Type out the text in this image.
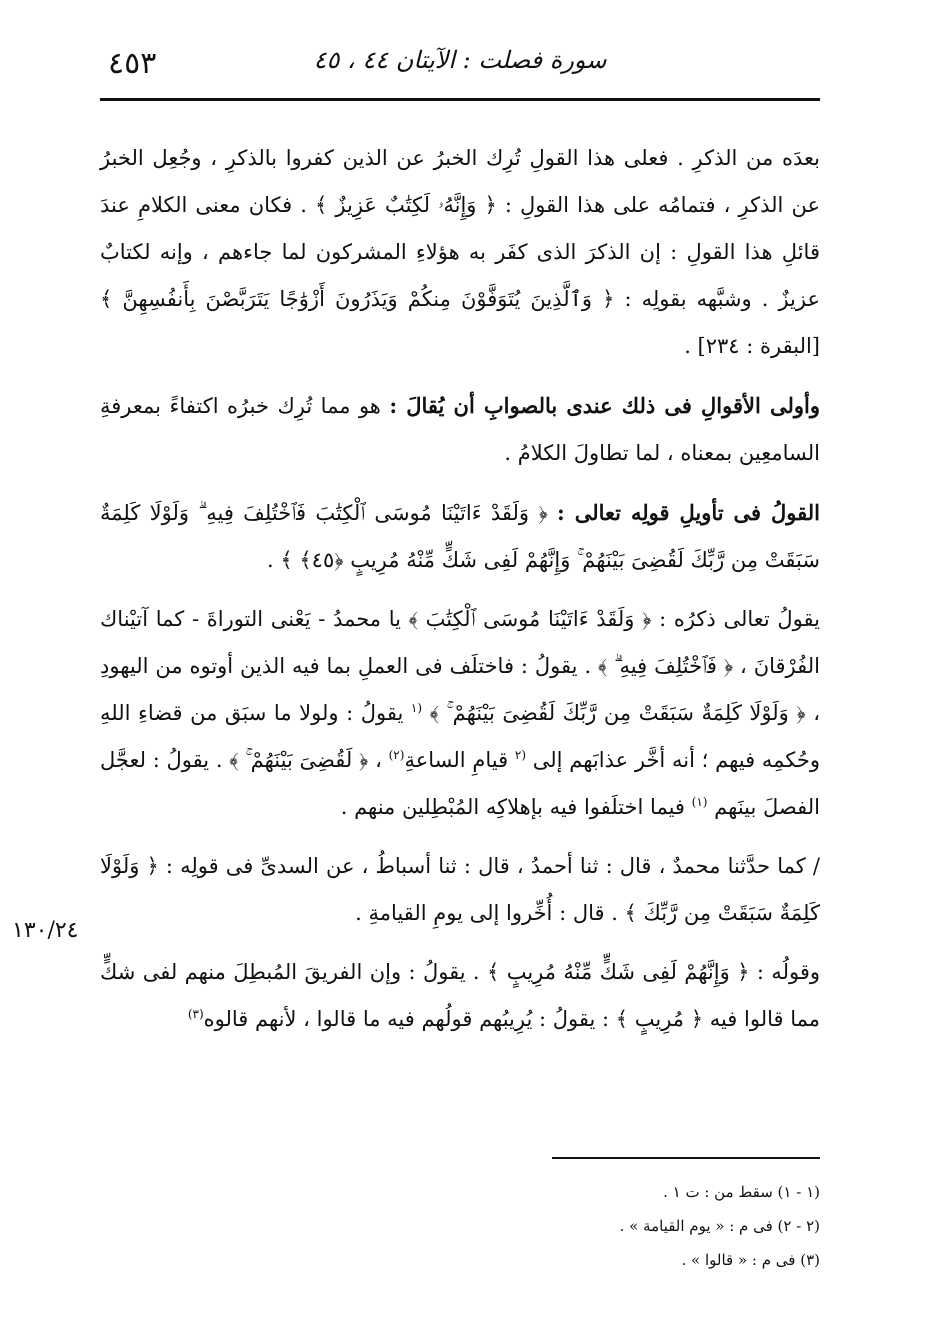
٤٥٣	سورة فصلت : الآيتان ٤٤ ، ٤٥

بعدَه من الذكرِ . فعلى هذا القولِ تُرِك الخبرُ عن الذين كفروا بالذكرِ ، وجُعِل الخبرُ عن الذكرِ ، فتمامُه على هذا القولِ : ﴿ وَإِنَّهُۥ لَكِتَٰبٌ عَزِيزٌ ﴾ . فكان معنى الكلامِ عندَ قائلِ هذا القولِ : إن الذكرَ الذى كفَر به هؤلاءِ المشركون لما جاءهم ، وإنه لكتابٌ عزيزٌ . وشبَّهه بقولِه : ﴿ وَٱلَّذِينَ يُتَوَفَّوْنَ مِنكُمْ وَيَذَرُونَ أَزْوَٰجًا يَتَرَبَّصْنَ بِأَنفُسِهِنَّ ﴾ [البقرة : ٢٣٤] .

وأولى الأقوالِ فى ذلك عندى بالصوابِ أن يُقالَ : هو مما تُرِك خبرُه اكتفاءً بمعرفةِ السامعِين بمعناه ، لما تطاولَ الكلامُ .

القولُ فى تأويلِ قولِه تعالى : ﴿ وَلَقَدْ ءَاتَيْنَا مُوسَى ٱلْكِتَٰبَ فَٱخْتُلِفَ فِيهِ ۗ وَلَوْلَا كَلِمَةٌ سَبَقَتْ مِن رَّبِّكَ لَقُضِىَ بَيْنَهُمْ ۚ وَإِنَّهُمْ لَفِى شَكٍّ مِّنْهُ مُرِيبٍ ﴿٤٥﴾ ﴾ .

يقولُ تعالى ذكرُه : ﴿ وَلَقَدْ ءَاتَيْنَا مُوسَى ٱلْكِتَٰبَ ﴾ يا محمدُ - يَعْنى التوراةَ - كما آتيْناك الفُرْقانَ ، ﴿ فَٱخْتُلِفَ فِيهِ ۗ ﴾ . يقولُ : فاختلَف فى العملِ بما فيه الذين أوتوه من اليهودِ ، ﴿ وَلَوْلَا كَلِمَةٌ سَبَقَتْ مِن رَّبِّكَ لَقُضِىَ بَيْنَهُمْ ۚ ﴾ $^{(١}$ يقولُ : ولولا ما سبَق من قضاءِ اللهِ وحُكمِه فيهم ؛ أنه أخَّر عذابَهم إلى $^{(٢}$ قيامِ الساعةِ$^{(٢)}$ ، ﴿ لَقُضِىَ بَيْنَهُمْ ۚ ﴾ . يقولُ : لعجَّل الفصلَ بينَهم $^{(١)}$ فيما اختلَفوا فيه بإهلاكِه المُبْطِلين منهم .

/ كما حدَّثنا محمدٌ ، قال : ثنا أحمدُ ، قال : ثنا أسباطُ ، عن السدىِّ فى قولِه : ﴿ وَلَوْلَا كَلِمَةٌ سَبَقَتْ مِن رَّبِّكَ ﴾ . قال : أُخِّروا إلى يومِ القيامةِ .

وقولُه : ﴿ وَإِنَّهُمْ لَفِى شَكٍّ مِّنْهُ مُرِيبٍ ﴾ . يقولُ : وإن الفريقَ المُبطِلَ منهم لفى شكٍّ مما قالوا فيه ﴿ مُرِيبٍ ﴾ : يقولُ : يُرِيبُهم قولُهم فيه ما قالوا ، لأنهم قالوه$^{(٣)}$

١٣٠/٢٤

(١ - ١) سقط من : ت ١ .

(٢ - ٢) فى م : « يوم القيامة » .

(٣) فى م : « قالوا » .
